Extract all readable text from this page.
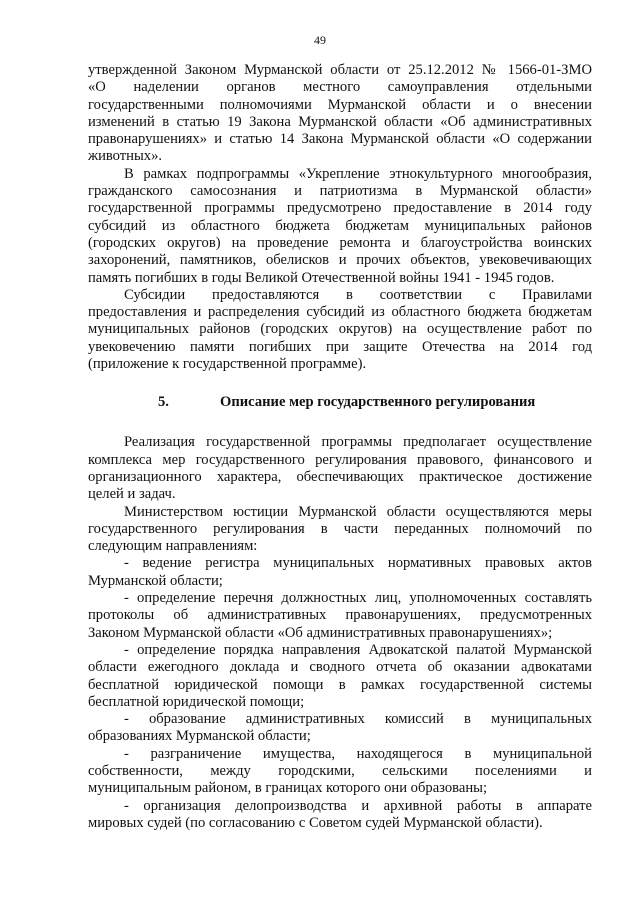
49
утвержденной Законом Мурманской области от 25.12.2012 № 1566-01-ЗМО
«О наделении органов местного самоуправления отдельными
государственными полномочиями Мурманской области и о внесении
изменений в статью 19 Закона Мурманской области «Об административных
правонарушениях» и статью 14 Закона Мурманской области «О содержании
животных».
В рамках подпрограммы «Укрепление этнокультурного многообразия,
гражданского самосознания и патриотизма в Мурманской области»
государственной программы предусмотрено предоставление в 2014 году
субсидий из областного бюджета бюджетам муниципальных районов
(городских округов) на проведение ремонта и благоустройства воинских
захоронений, памятников, обелисков и прочих объектов, увековечивающих
память погибших в годы Великой Отечественной войны 1941 - 1945 годов.
Субсидии предоставляются в соответствии с Правилами
предоставления и распределения субсидий из областного бюджета бюджетам
муниципальных районов (городских округов) на осуществление работ по
увековечению памяти погибших при защите Отечества на 2014 год
(приложение к государственной программе).
5.	Описание мер государственного регулирования
Реализация государственной программы предполагает осуществление
комплекса мер государственного регулирования правового, финансового и
организационного характера, обеспечивающих практическое достижение
целей и задач.
Министерством юстиции Мурманской области осуществляются меры
государственного регулирования в части переданных полномочий по
следующим направлениям:
- ведение регистра муниципальных нормативных правовых актов
Мурманской области;
- определение перечня должностных лиц, уполномоченных составлять
протоколы об административных правонарушениях, предусмотренных
Законом Мурманской области «Об административных правонарушениях»;
- определение порядка направления Адвокатской палатой Мурманской
области ежегодного доклада и сводного отчета об оказании адвокатами
бесплатной юридической помощи в рамках государственной системы
бесплатной юридической помощи;
- образование административных комиссий в муниципальных
образованиях Мурманской области;
- разграничение имущества, находящегося в муниципальной
собственности, между городскими, сельскими поселениями и
муниципальным районом, в границах которого они образованы;
- организация делопроизводства и архивной работы в аппарате
мировых судей (по согласованию с Советом судей Мурманской области).
